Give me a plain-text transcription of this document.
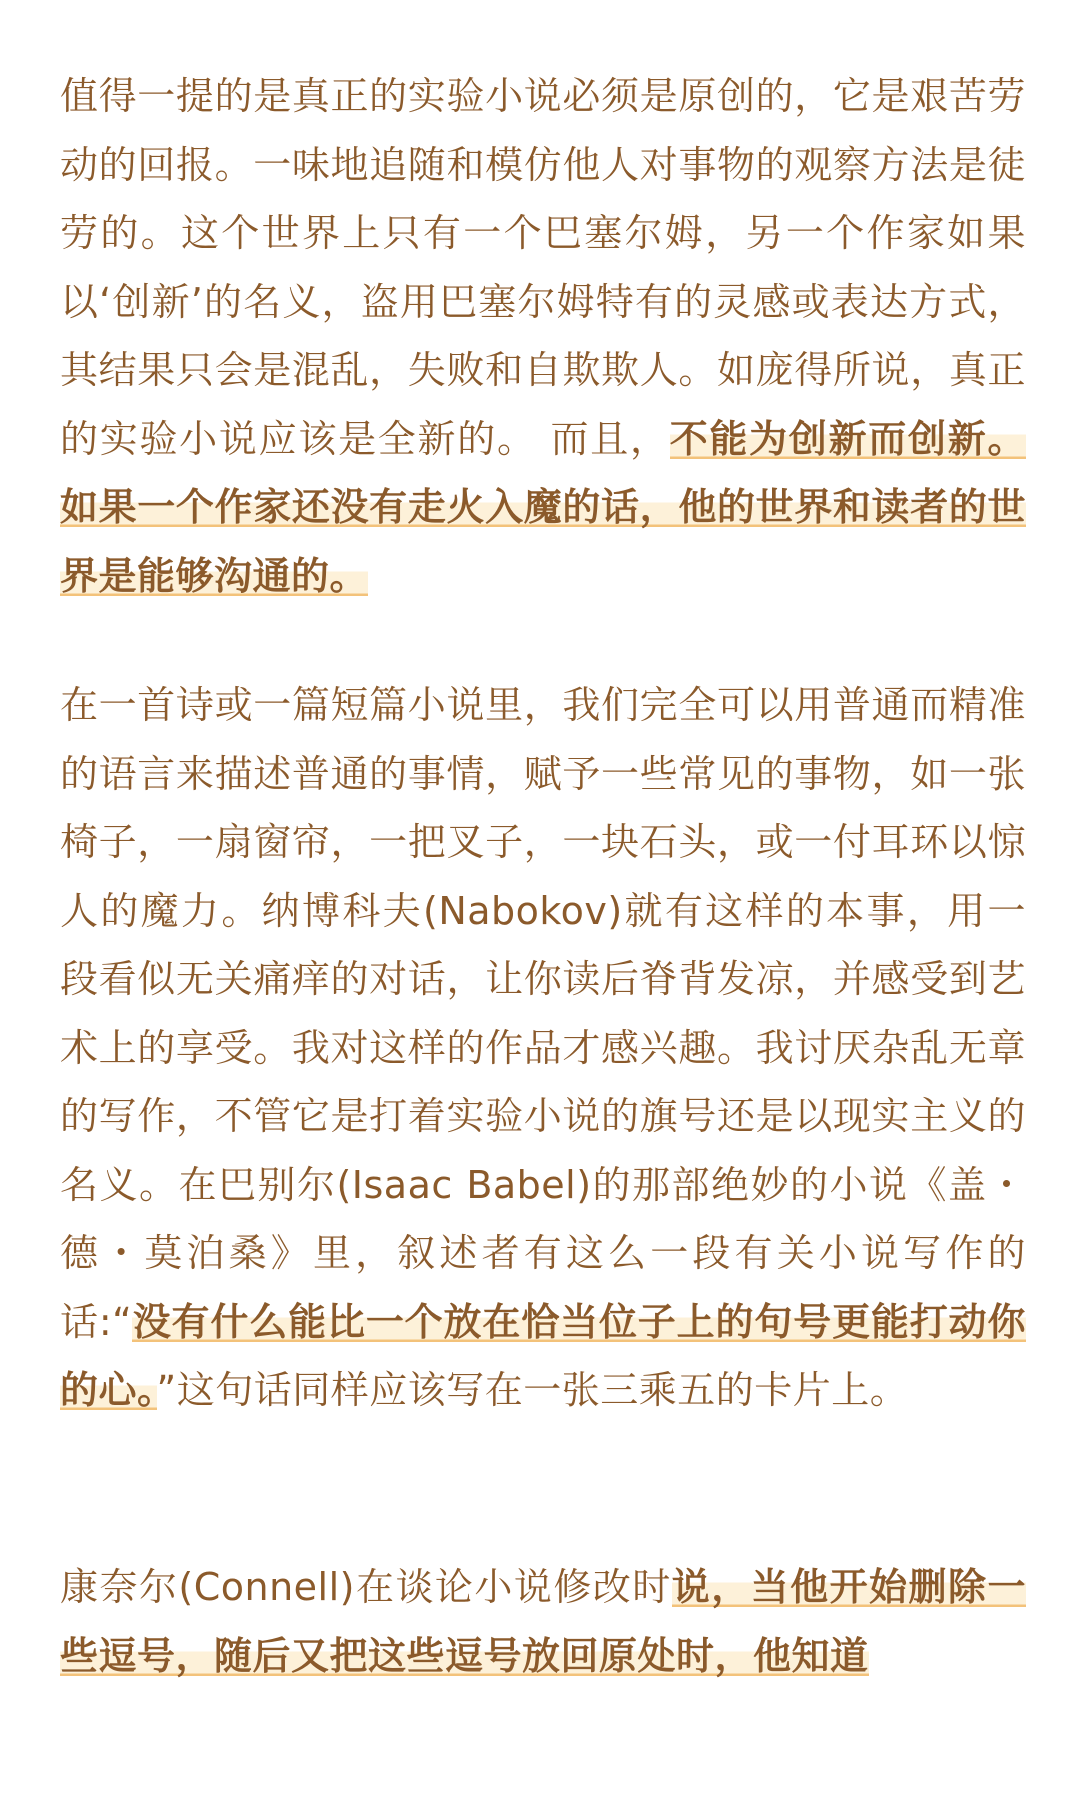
值得一提的是真正的实验小说必须是原创的，它是艰苦劳动的回报。一味地追随和模仿他人对事物的观察方法是徒劳的。这个世界上只有一个巴塞尔姆，另一个作家如果以‘创新’的名义，盗用巴塞尔姆特有的灵感或表达方式，其结果只会是混乱，失败和自欺欺人。如庞得所说，真正的实验小说应该是全新的。 而且，不能为创新而创新。如果一个作家还没有走火入魔的话，他的世界和读者的世界是能够沟通的。

在一首诗或一篇短篇小说里，我们完全可以用普通而精准的语言来描述普通的事情，赋予一些常见的事物，如一张椅子，一扇窗帘，一把叉子，一块石头，或一付耳环以惊人的魔力。纳博科夫(Nabokov)就有这样的本事，用一段看似无关痛痒的对话，让你读后脊背发凉，并感受到艺术上的享受。我对这样的作品才感兴趣。我讨厌杂乱无章的写作，不管它是打着实验小说的旗号还是以现实主义的名义。在巴别尔(Isaac Babel)的那部绝妙的小说《盖・德・莫泊桑》里，叙述者有这么一段有关小说写作的话:“没有什么能比一个放在恰当位子上的句号更能打动你的心。”这句话同样应该写在一张三乘五的卡片上。

康奈尔(Connell)在谈论小说修改时说，当他开始删除一些逗号，随后又把这些逗号放回原处时，他知道
